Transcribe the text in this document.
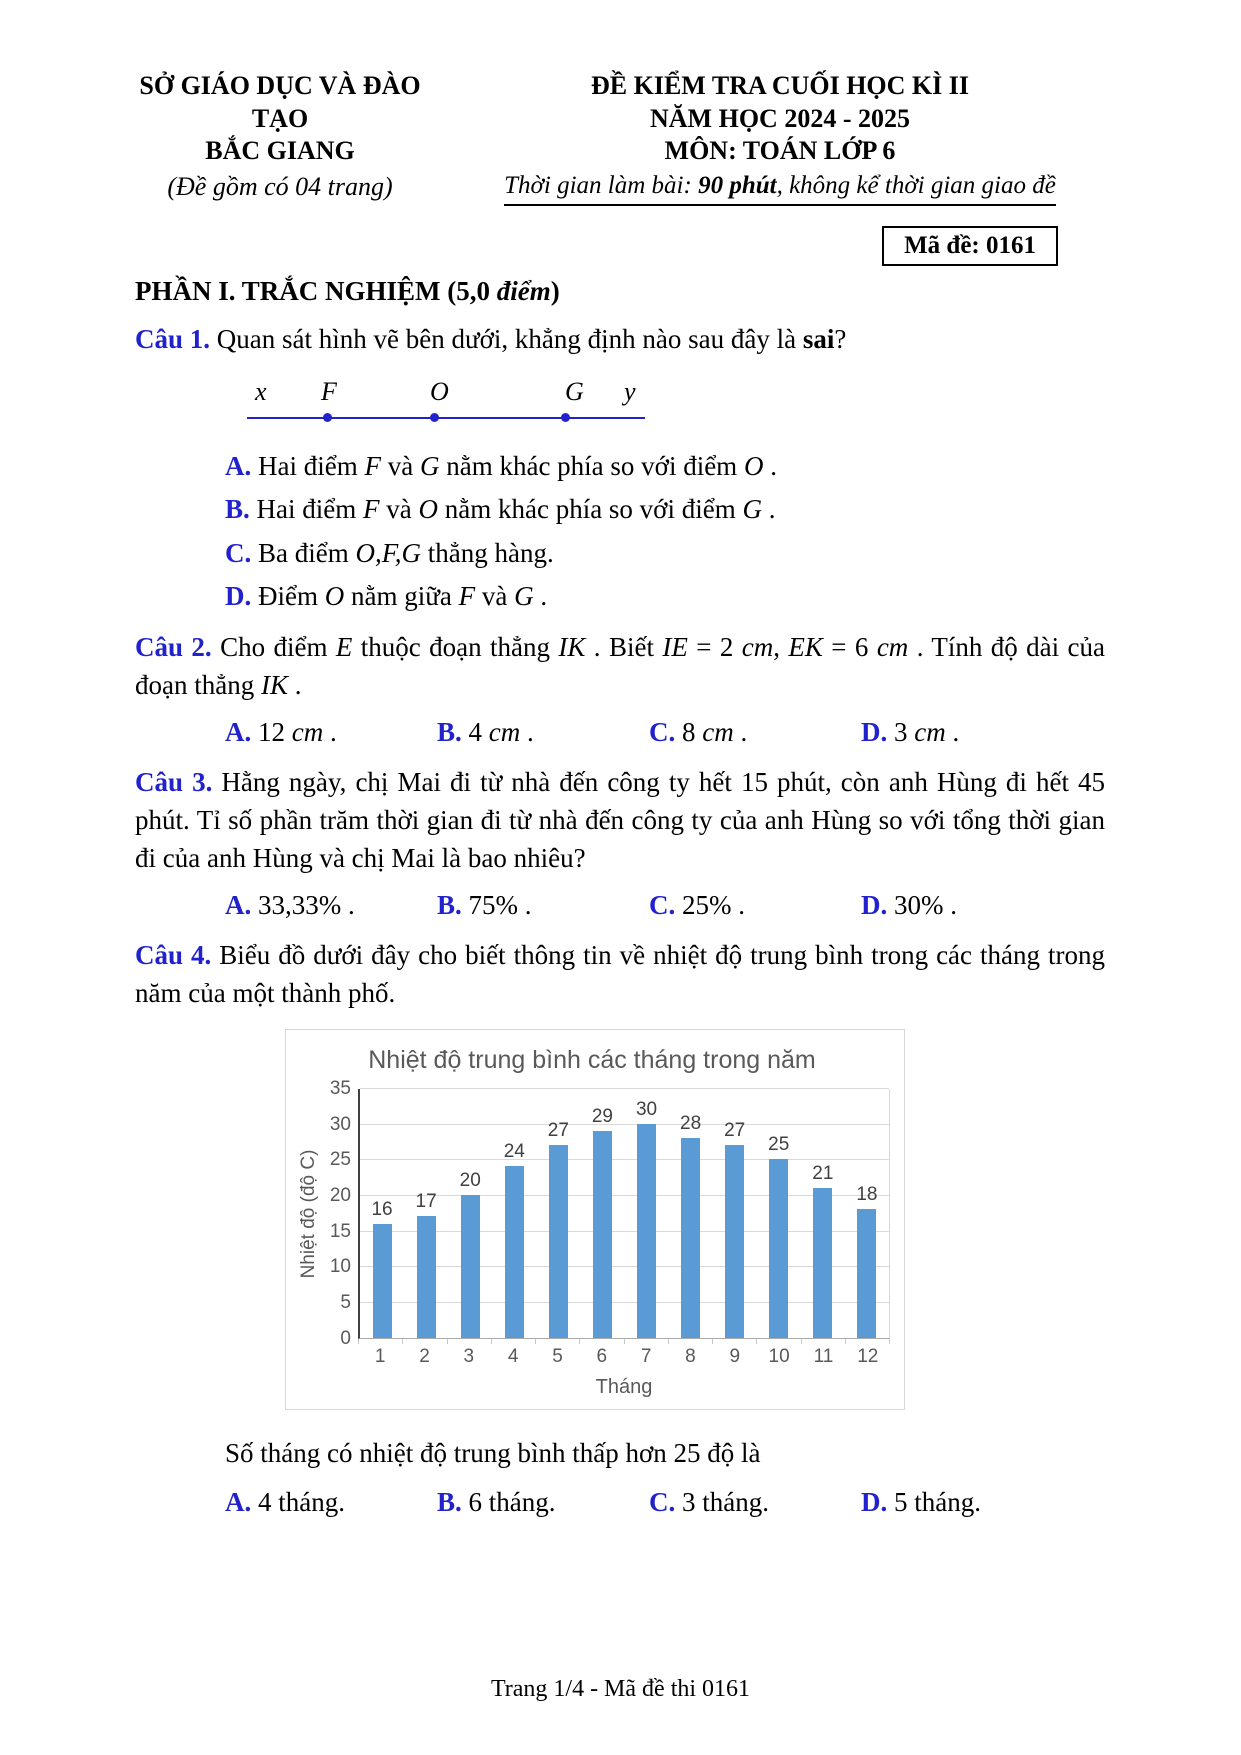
SỞ GIÁO DỤC VÀ ĐÀO TẠO
BẮC GIANG
(Đề gồm có 04 trang)
ĐỀ KIỂM TRA CUỐI HỌC KÌ II
NĂM HỌC 2024 - 2025
MÔN: TOÁN LỚP 6
Thời gian làm bài: 90 phút, không kể thời gian giao đề
Mã đề: 0161
PHẦN I. TRẮC NGHIỆM (5,0 điểm)

Câu 1. Quan sát hình vẽ bên dưới, khẳng định nào sau đây là sai?

x F	O	G y
A. Hai điểm F và G nằm khác phía so với điểm O .
B. Hai điểm F và O nằm khác phía so với điểm G .
C. Ba điểm O,F,G thẳng hàng.
D. Điểm O nằm giữa F và G .

Câu 2. Cho điểm E thuộc đoạn thẳng IK . Biết IE = 2 cm, EK = 6 cm . Tính độ dài của đoạn thẳng IK .

A. 12 cm .	B. 4 cm .	C. 8 cm .	D. 3 cm .

Câu 3. Hằng ngày, chị Mai đi từ nhà đến công ty hết 15 phút, còn anh Hùng đi hết 45 phút. Tỉ số phần trăm thời gian đi từ nhà đến công ty của anh Hùng so với tổng thời gian đi của anh Hùng và chị Mai là bao nhiêu?

A. 33,33% .	B. 75% .	C. 25% .	D. 30% .

Câu 4. Biểu đồ dưới đây cho biết thông tin về nhiệt độ trung bình trong các tháng trong năm của một thành phố.

Nhiệt độ trung bình các tháng trong năm
Nhiệt độ (độ C)
0
5
10
15
20
25
30
35
16 17
20
24
27
29 30
28 27
25
21
18
1	2	3	4	5	6	7	8	9	10	11	12
Tháng

Số tháng có nhiệt độ trung bình thấp hơn 25 độ là

A. 4 tháng.	B. 6 tháng.	C. 3 tháng.	D. 5 tháng.
Trang 1/4 - Mã đề thi 0161
